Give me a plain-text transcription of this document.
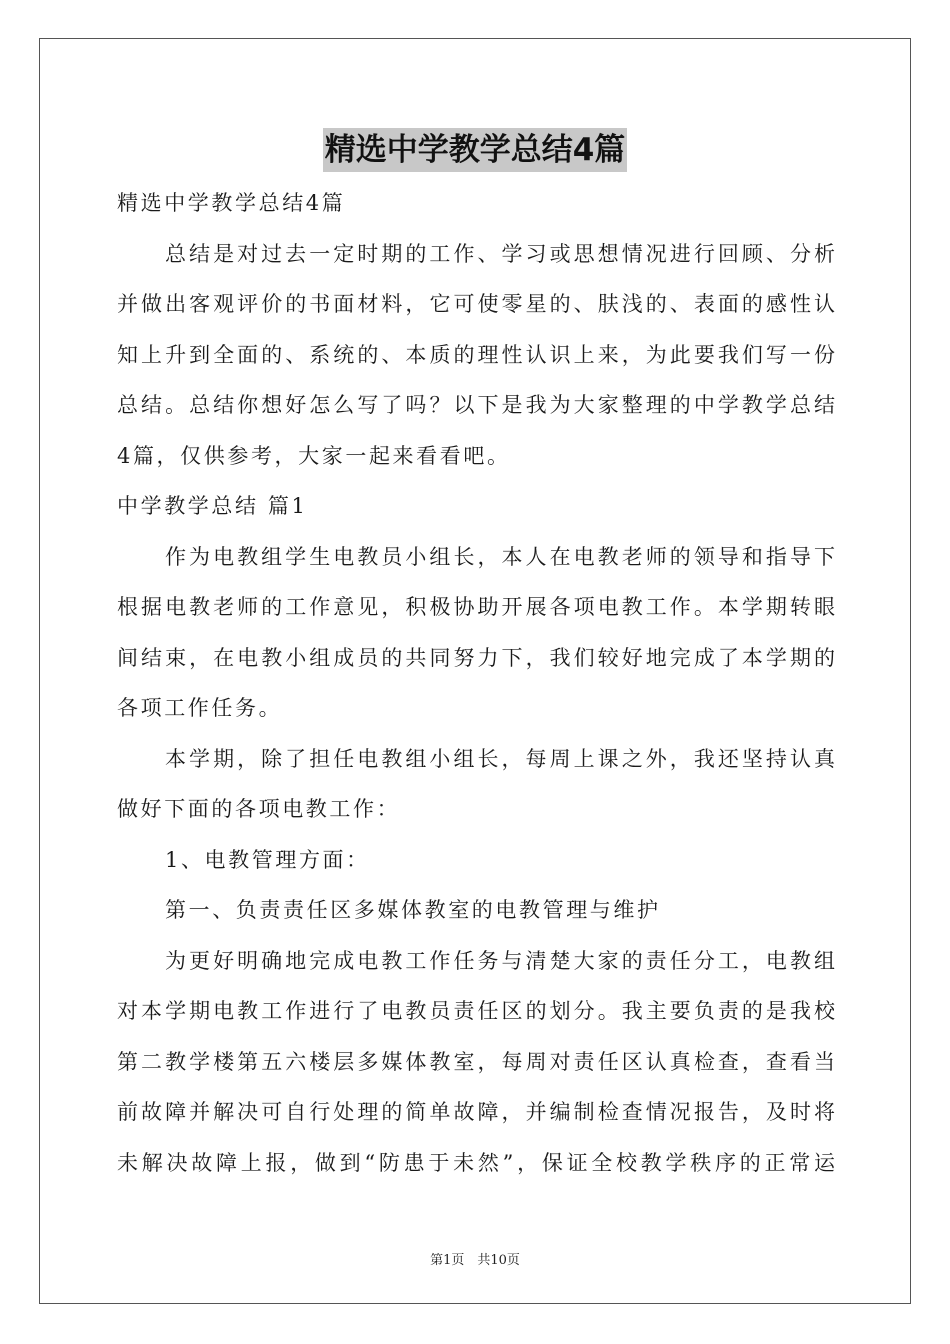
精选中学教学总结4篇
精选中学教学总结4篇
总结是对过去一定时期的工作、学习或思想情况进行回顾、分析
并做出客观评价的书面材料，它可使零星的、肤浅的、表面的感性认
知上升到全面的、系统的、本质的理性认识上来，为此要我们写一份
总结。总结你想好怎么写了吗？以下是我为大家整理的中学教学总结
4篇，仅供参考，大家一起来看看吧。
中学教学总结 篇1
作为电教组学生电教员小组长，本人在电教老师的领导和指导下
根据电教老师的工作意见，积极协助开展各项电教工作。本学期转眼
间结束，在电教小组成员的共同努力下，我们较好地完成了本学期的
各项工作任务。
本学期，除了担任电教组小组长，每周上课之外，我还坚持认真
做好下面的各项电教工作：
1、电教管理方面：
第一、负责责任区多媒体教室的电教管理与维护
为更好明确地完成电教工作任务与清楚大家的责任分工，电教组
对本学期电教工作进行了电教员责任区的划分。我主要负责的是我校
第二教学楼第五六楼层多媒体教室，每周对责任区认真检查，查看当
前故障并解决可自行处理的简单故障，并编制检查情况报告，及时将
未解决故障上报，做到“防患于未然”，保证全校教学秩序的正常运
第1页　共10页
